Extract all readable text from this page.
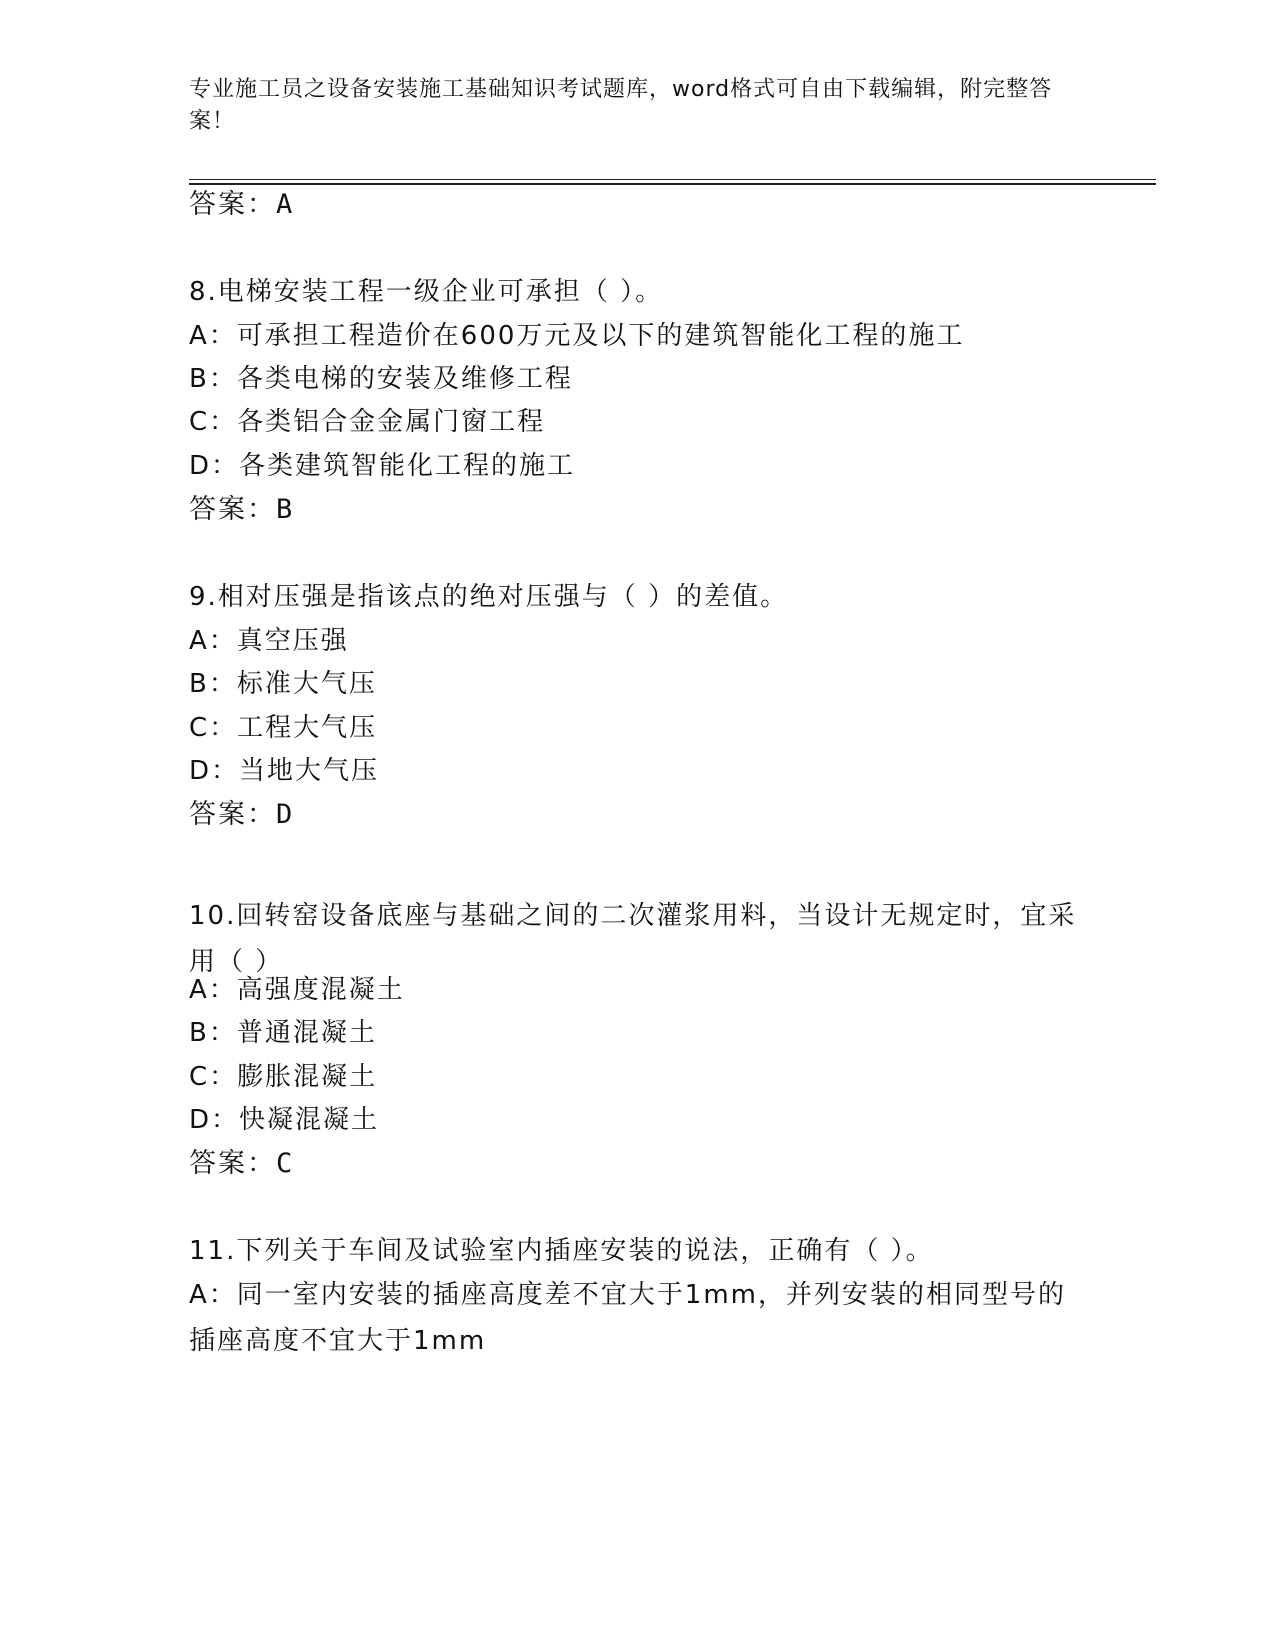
专业施工员之设备安装施工基础知识考试题库，word格式可自由下载编辑，附完整答案！
答案：A
8.电梯安装工程一级企业可承担（ ）。
A：可承担工程造价在600万元及以下的建筑智能化工程的施工
B：各类电梯的安装及维修工程
C：各类铝合金金属门窗工程
D：各类建筑智能化工程的施工
答案：B
9.相对压强是指该点的绝对压强与（ ）的差值。
A：真空压强
B：标准大气压
C：工程大气压
D：当地大气压
答案：D
10.回转窑设备底座与基础之间的二次灌浆用料，当设计无规定时，宜采用（ ）
A：高强度混凝土
B：普通混凝土
C：膨胀混凝土
D：快凝混凝土
答案：C
11.下列关于车间及试验室内插座安装的说法，正确有（ ）。
A：同一室内安装的插座高度差不宜大于1mm，并列安装的相同型号的插座高度不宜大于1mm
